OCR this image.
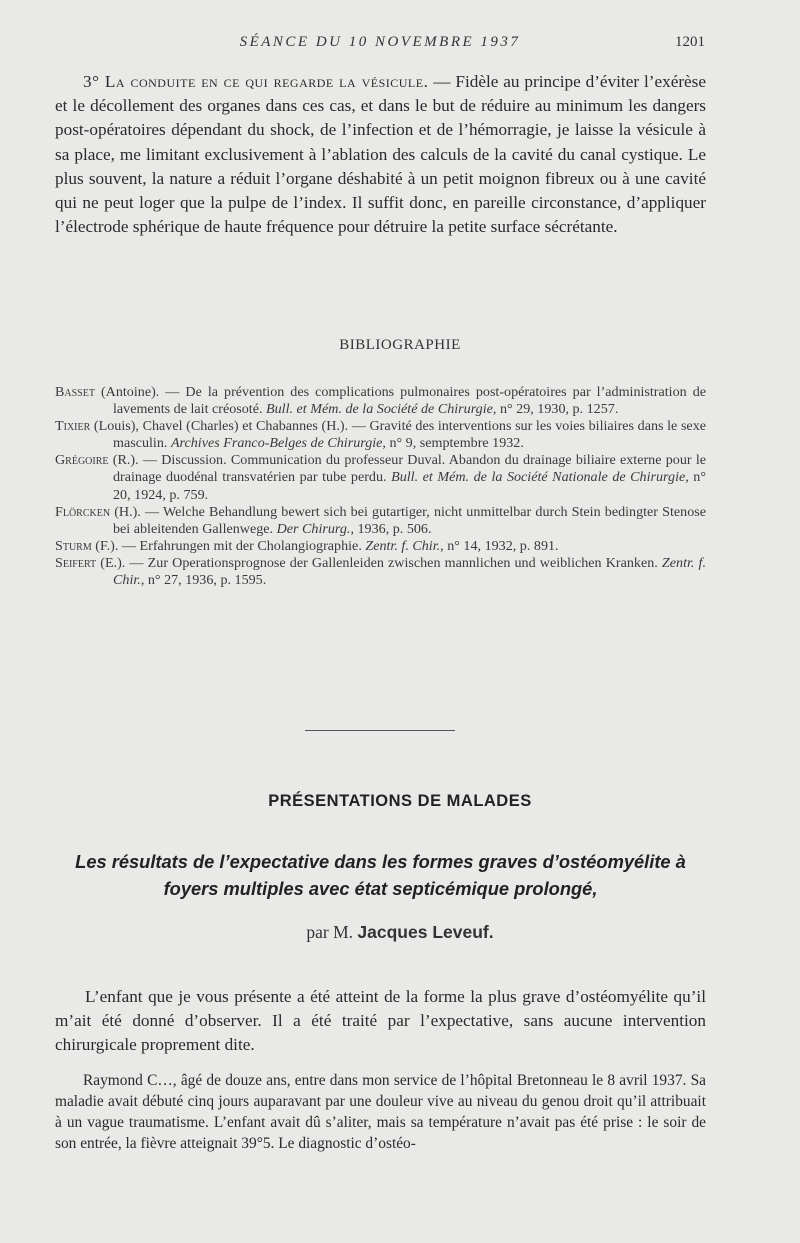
SÉANCE DU 10 NOVEMBRE 1937	1201

3° La conduite en ce qui regarde la vésicule. — Fidèle au principe d’éviter l’exérèse et le décollement des organes dans ces cas, et dans le but de réduire au minimum les dangers post-opératoires dépendant du shock, de l’infection et de l’hémorragie, je laisse la vésicule à sa place, me limitant exclusivement à l’ablation des calculs de la cavité du canal cystique. Le plus souvent, la nature a réduit l’organe déshabité à un petit moignon fibreux ou à une cavité qui ne peut loger que la pulpe de l’index. Il suffit donc, en pareille circonstance, d’appliquer l’électrode sphérique de haute fréquence pour détruire la petite surface sécrétante.

BIBLIOGRAPHIE

Basset (Antoine). — De la prévention des complications pulmonaires post-opératoires par l’administration de lavements de lait créosoté. Bull. et Mém. de la Société de Chirurgie, n° 29, 1930, p. 1257.

Tixier (Louis), Chavel (Charles) et Chabannes (H.). — Gravité des interventions sur les voies biliaires dans le sexe masculin. Archives Franco-Belges de Chirurgie, n° 9, semptembre 1932.

Grégoire (R.). — Discussion. Communication du professeur Duval. Abandon du drainage biliaire externe pour le drainage duodénal transvatérien par tube perdu. Bull. et Mém. de la Société Nationale de Chirurgie, n° 20, 1924, p. 759.

Flörcken (H.). — Welche Behandlung bewert sich bei gutartiger, nicht unmittelbar durch Stein bedingter Stenose bei ableitenden Gallenwege. Der Chirurg., 1936, p. 506.

Sturm (F.). — Erfahrungen mit der Cholangiographie. Zentr. f. Chir., n° 14, 1932, p. 891.

Seifert (E.). — Zur Operationsprognose der Gallenleiden zwischen mannlichen und weiblichen Kranken. Zentr. f. Chir., n° 27, 1936, p. 1595.

PRÉSENTATIONS DE MALADES
Les résultats de l’expectative dans les formes graves d’ostéomyélite à foyers multiples avec état septicémique prolongé,
par M. Jacques Leveuf.

L’enfant que je vous présente a été atteint de la forme la plus grave d’ostéomyélite qu’il m’ait été donné d’observer. Il a été traité par l’expectative, sans aucune intervention chirurgicale proprement dite.

Raymond C…, âgé de douze ans, entre dans mon service de l’hôpital Bretonneau le 8 avril 1937. Sa maladie avait débuté cinq jours auparavant par une douleur vive au niveau du genou droit qu’il attribuait à un vague traumatisme. L’enfant avait dû s’aliter, mais sa température n’avait pas été prise : le soir de son entrée, la fièvre atteignait 39°5. Le diagnostic d’ostéo-
